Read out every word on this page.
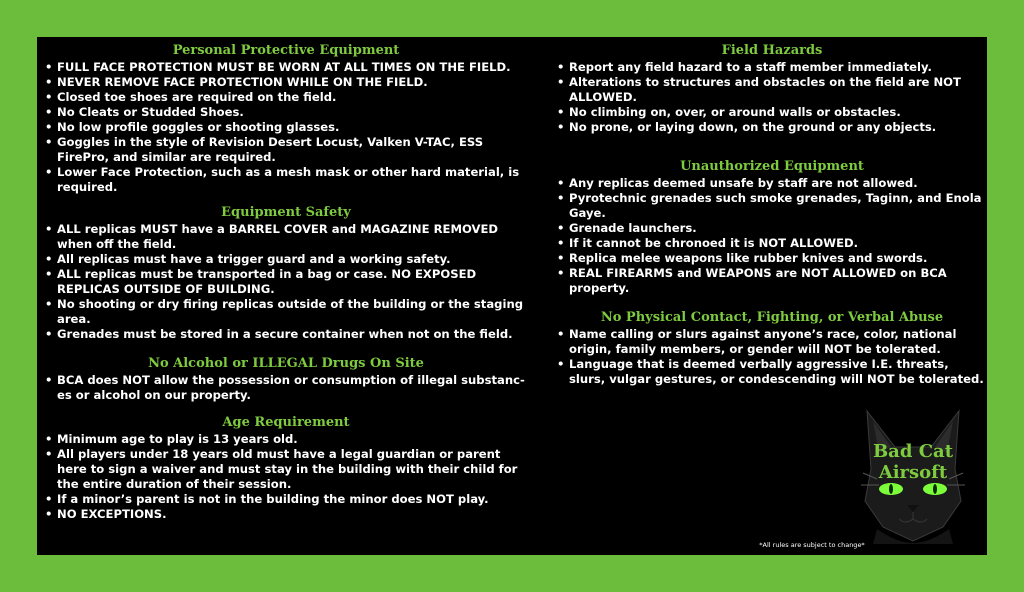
Personal Protective Equipment
• FULL FACE PROTECTION MUST BE WORN AT ALL TIMES ON THE FIELD.
• NEVER REMOVE FACE PROTECTION WHILE ON THE FIELD.
• Closed toe shoes are required on the field.
• No Cleats or Studded Shoes.
• No low profile goggles or shooting glasses.
• Goggles in the style of Revision Desert Locust, Valken V-TAC, ESS FirePro, and similar are required.
• Lower Face Protection, such as a mesh mask or other hard material, is required.
Equipment Safety
• ALL replicas MUST have a BARREL COVER and MAGAZINE REMOVED when off the field.
• All replicas must have a trigger guard and a working safety.
• ALL replicas must be transported in a bag or case. NO EXPOSED REPLICAS OUTSIDE OF BUILDING.
• No shooting or dry firing replicas outside of the building or the staging area.
• Grenades must be stored in a secure container when not on the field.
No Alcohol or ILLEGAL Drugs On Site
• BCA does NOT allow the possession or consumption of illegal substanc-es or alcohol on our property.
Age Requirement
• Minimum age to play is 13 years old.
• All players under 18 years old must have a legal guardian or parent here to sign a waiver and must stay in the building with their child for the entire duration of their session.
• If a minor’s parent is not in the building the minor does NOT play.
• NO EXCEPTIONS.
Field Hazards
• Report any field hazard to a staff member immediately.
• Alterations to structures and obstacles on the field are NOT ALLOWED.
• No climbing on, over, or around walls or obstacles.
• No prone, or laying down, on the ground or any objects.
Unauthorized Equipment
• Any replicas deemed unsafe by staff are not allowed.
• Pyrotechnic grenades such smoke grenades, Taginn, and Enola Gaye.
• Grenade launchers.
• If it cannot be chronoed it is NOT ALLOWED.
• Replica melee weapons like rubber knives and swords.
• REAL FIREARMS and WEAPONS are NOT ALLOWED on BCA property.
No Physical Contact, Fighting, or Verbal Abuse
• Name calling or slurs against anyone’s race, color, national origin, family members, or gender will NOT be tolerated.
• Language that is deemed verbally aggressive I.E. threats, slurs, vulgar gestures, or condescending will NOT be tolerated.
Bad Cat Airsoft
*All rules are subject to change*
